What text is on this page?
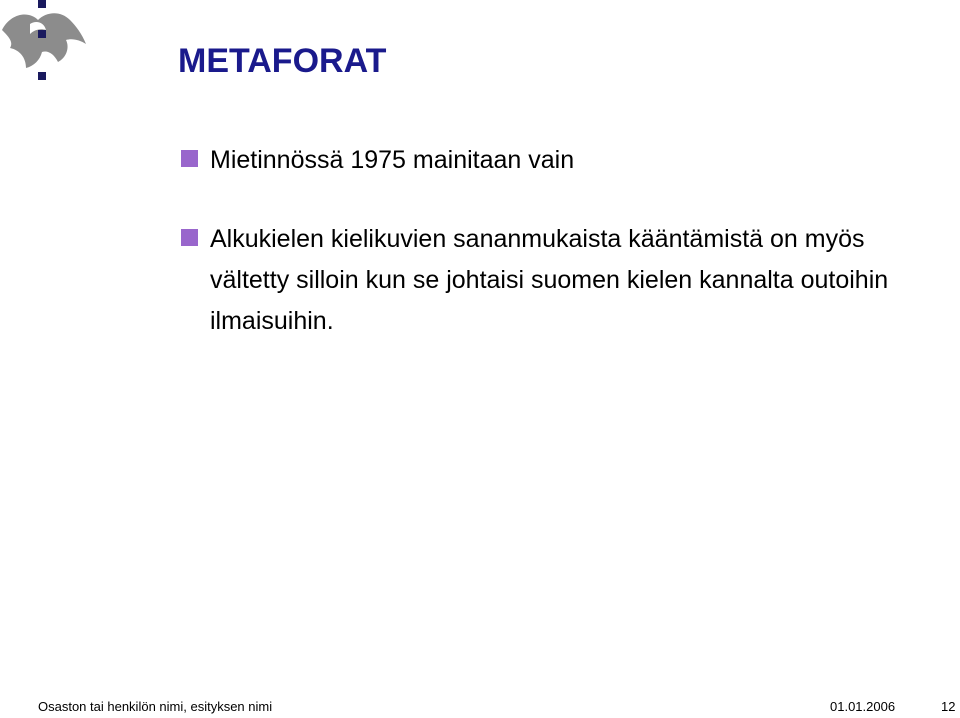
METAFORAT
Mietinnössä 1975 mainitaan vain
Alkukielen kielikuvien sananmukaista kääntämistä on myös vältetty silloin kun se johtaisi suomen kielen kannalta outoihin ilmaisuihin.
Osaston tai henkilön nimi, esityksen nimi	01.01.2006	12
